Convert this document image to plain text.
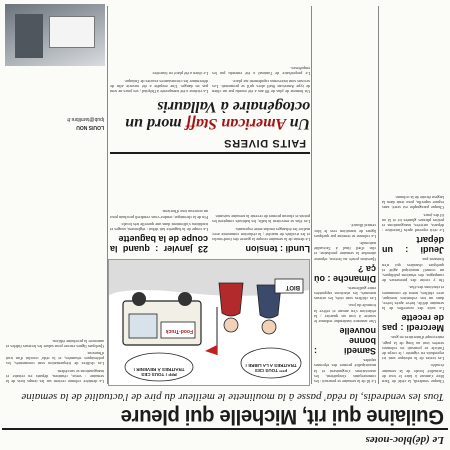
Le (dé)bloc-notes
Guilaine qui rit, Michelle qui pleure
Tous les vendredis, la réda' passe à la moulinette le meilleur du pire de l'actualité de la semaine

Chaque vendredi, la réda' de Tarn libre s'amuse à faire le tour de l'actualité locale de la semaine écoulée.

Les textes de la rubrique sont ici reproduits en vignette ; le corps de l'article se poursuit en colonnes serrées tout au long de la page, entrecoupé d'intertitres en gras.

Mercredi : pas de recette

La suite des nouvelles de la semaine défile, brève après brève, dans un ton volontiers ironique, avec chiffres, noms de communes et réactions des élus.

On y croise des promesses de campagne, des réunions publiques, un conseil municipal agité et quelques chantiers qui n'en finissent pas.

Jeudi : un départ

Le récit reprend après l'intertitre : départs, arrivées, inaugurations et petites phrases glanées ici et là au fil des jours.

Chaque paragraphe est serré, sans espace superflu, pour tenir dans la largeur étroite de la colonne.

Le fil de la semaine se poursuit : les commerçants s'inquiètent, les associations s'organisent et la municipalité promet des réponses rapides.

Samedi : bonne nouvelle

Une annonce inattendue redonne le sourire à tout un quartier ; la rédaction s'en amuse et relève la formule du jour.

Les chiffres sont cités, les acteurs nommés, les réactions rapportées entre guillemets.

Dimanche : où ça ?

Question posée au lecteur, réponse attendue la semaine prochaine, et clin d'œil final à l'actualité nationale.

La colonne se termine par quelques lignes de transition vers le bloc central illustré.

F*** TOUS CES TRAITRES A LA LIBRE !
PFF ! TOUS CES TRAITRES À REVENIR !
BIOT
Food-Truck
Lundi : tension

Le dessin de la semaine croque la guerre des food-trucks et les rivalités de marché ; la rédaction commente avec malice les échanges tendus entre exposants.

Les élus se renvoient la balle, les habitués comptent les points et chacun promet de revenir la semaine suivante.

23 janvier : quand la coupe de la baguette

La coupe de la baguette fait débat : règlement, usages et traditions s'affrontent dans une querelle très locale.

Fin de la chronique, rendez-vous vendredi prochain pour un nouveau tour d'horizon.

FAITS DIVERS
Un American Staff mord un octogénaire à Vallauris

Un homme de plus de 80 ans a été mordu par un chien de type American Staff alors qu'il se promenait. Les secours sont intervenus rapidement sur place.

Le propriétaire de l'animal a été entendu par les enquêteurs.

La victime a été transportée à l'hôpital ; ses jours ne sont pas en danger. Une enquête a été ouverte afin de déterminer les circonstances exactes de l'attaque.

Le chien a été placé en fourrière.

La dernière colonne revient sur les temps forts de la semaine : vœux, réunions, départs en retraite et inaugurations se succèdent.

Les chiffres de fréquentation sont commentés, les polémiques résumées, et la réda' conclut d'un trait d'humour.

Quelques lignes encore pour saluer les lecteurs fidèles et annoncer la prochaine édition.

LOUIS NOU
lpub@tarnlibre.fr
